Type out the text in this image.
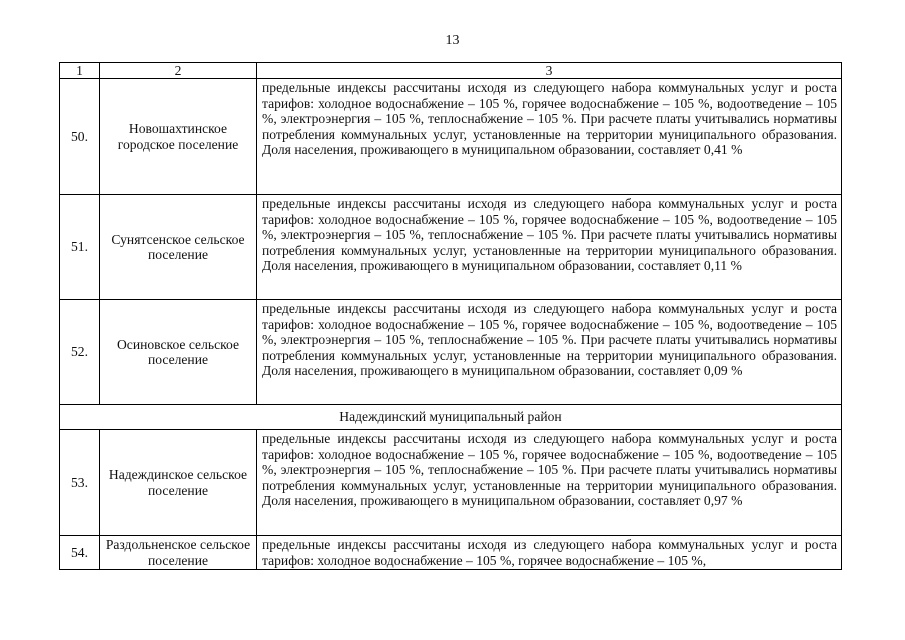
13
1	2	3
50.	Новошахтинское городское поселение	предельные индексы рассчитаны исходя из следующего набора коммунальных услуг и роста тарифов: холодное водоснабжение – 105 %, горячее водоснабжение – 105 %, водоотведение – 105 %, электроэнергия – 105 %, теплоснабжение – 105 %. При расчете платы учитывались нормативы потребления коммунальных услуг, установленные на территории муниципального образования. Доля населения, проживающего в муниципальном образовании, составляет 0,41 %
51.	Сунятсенское сельское поселение	предельные индексы рассчитаны исходя из следующего набора коммунальных услуг и роста тарифов: холодное водоснабжение – 105 %, горячее водоснабжение – 105 %, водоотведение – 105 %, электроэнергия – 105 %, теплоснабжение – 105 %. При расчете платы учитывались нормативы потребления коммунальных услуг, установленные на территории муниципального образования. Доля населения, проживающего в муниципальном образовании, составляет 0,11 %
52.	Осиновское сельское поселение	предельные индексы рассчитаны исходя из следующего набора коммунальных услуг и роста тарифов: холодное водоснабжение – 105 %, горячее водоснабжение – 105 %, водоотведение – 105 %, электроэнергия – 105 %, теплоснабжение – 105 %. При расчете платы учитывались нормативы потребления коммунальных услуг, установленные на территории муниципального образования. Доля населения, проживающего в муниципальном образовании, составляет 0,09 %
Надеждинский муниципальный район		
53.	Надеждинское сельское поселение	предельные индексы рассчитаны исходя из следующего набора коммунальных услуг и роста тарифов: холодное водоснабжение – 105 %, горячее водоснабжение – 105 %, водоотведение – 105 %, электроэнергия – 105 %, теплоснабжение – 105 %. При расчете платы учитывались нормативы потребления коммунальных услуг, установленные на территории муниципального образования. Доля населения, проживающего в муниципальном образовании, составляет 0,97 %
54.	Раздольненское сельское поселение	предельные индексы рассчитаны исходя из следующего набора коммунальных услуг и роста тарифов: холодное водоснабжение – 105 %, горячее водоснабжение – 105 %,
